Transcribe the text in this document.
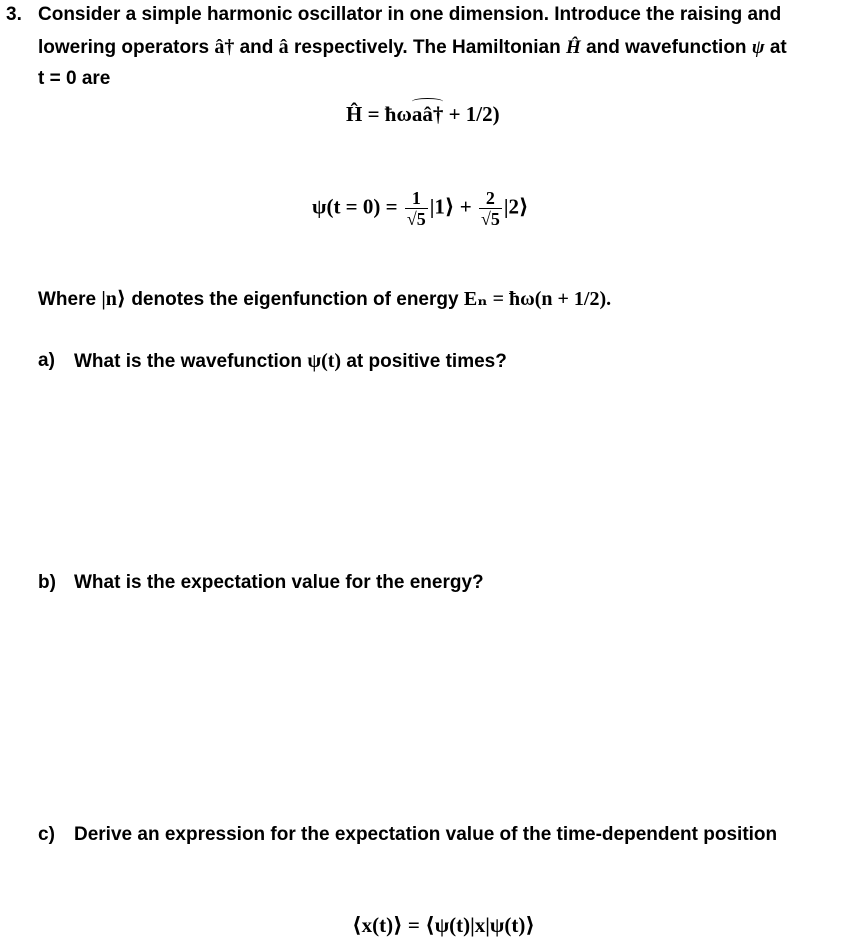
3. Consider a simple harmonic oscillator in one dimension. Introduce the raising and
lowering operators â† and â respectively. The Hamiltonian Ĥ and wavefunction ψ at
t = 0 are
Ĥ = ħω
aâ† + 1/2)
$\psi(t = 0) = \frac{1}{√5}$ |1⟩ + $\frac{2}{√5}$ |2⟩
Where |n⟩ denotes the eigenfunction of energy Eₙ = ħω(n + 1/2).
a) What is the wavefunction ψ(t) at positive times?
b) What is the expectation value for the energy?
c) Derive an expression for the expectation value of the time-dependent position
⟨x(t)⟩ = ⟨ψ(t)|x|ψ(t)⟩
